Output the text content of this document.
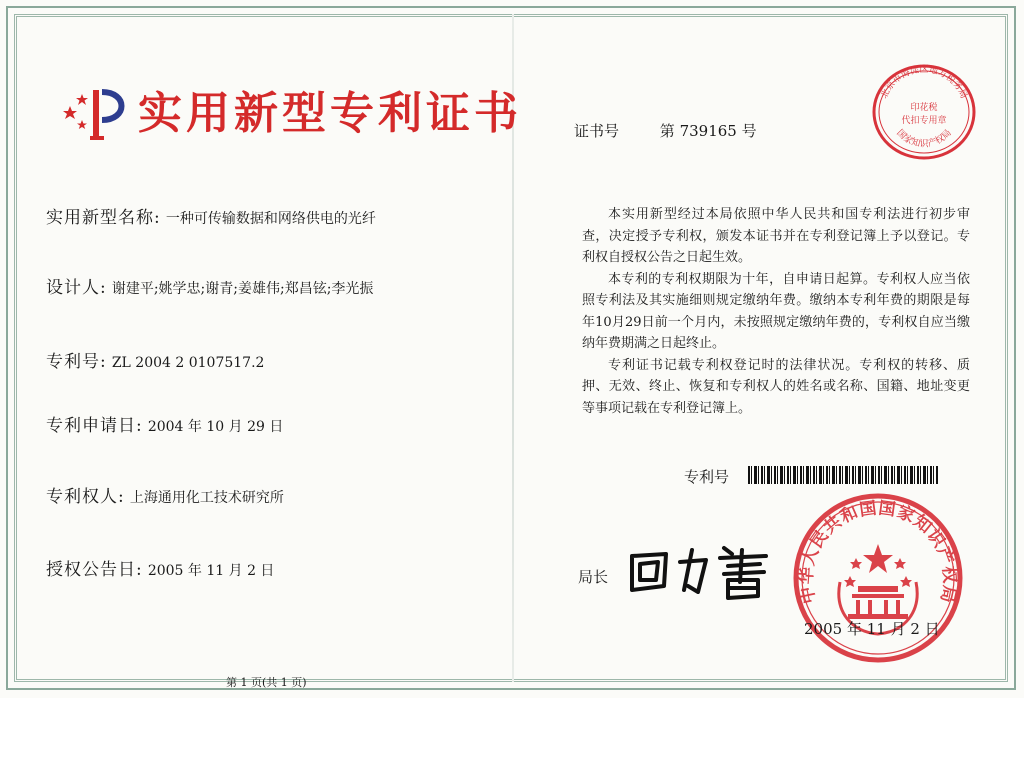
实用新型专利证书
实用新型名称: 一种可传输数据和网络供电的光纤
设计人: 谢建平;姚学忠;谢青;姜雄伟;郑昌铉;李光振
专利号: ZL 2004 2 0107517.2
专利申请日: 2004 年 10 月 29 日
专利权人: 上海通用化工技术研究所
授权公告日: 2005 年 11 月 2 日
证书号	第 739165 号

本实用新型经过本局依照中华人民共和国专利法进行初步审查，决定授予专利权，颁发本证书并在专利登记簿上予以登记。专利权自授权公告之日起生效。

本专利的专利权期限为十年，自申请日起算。专利权人应当依照专利法及其实施细则规定缴纳年费。缴纳本专利年费的期限是每年10月29日前一个月内，未按照规定缴纳年费的，专利权自应当缴纳年费期满之日起终止。

专利证书记载专利权登记时的法律状况。专利权的转移、质押、无效、终止、恢复和专利权人的姓名或名称、国籍、地址变更等事项记载在专利登记簿上。

专利号
局长
北京市海淀区地方税务局
印花税
代扣专用章
国家知识产权局
中华人民共和国国家知识产权局
2005 年 11 月 2 日
第 1 页(共 1 页)
